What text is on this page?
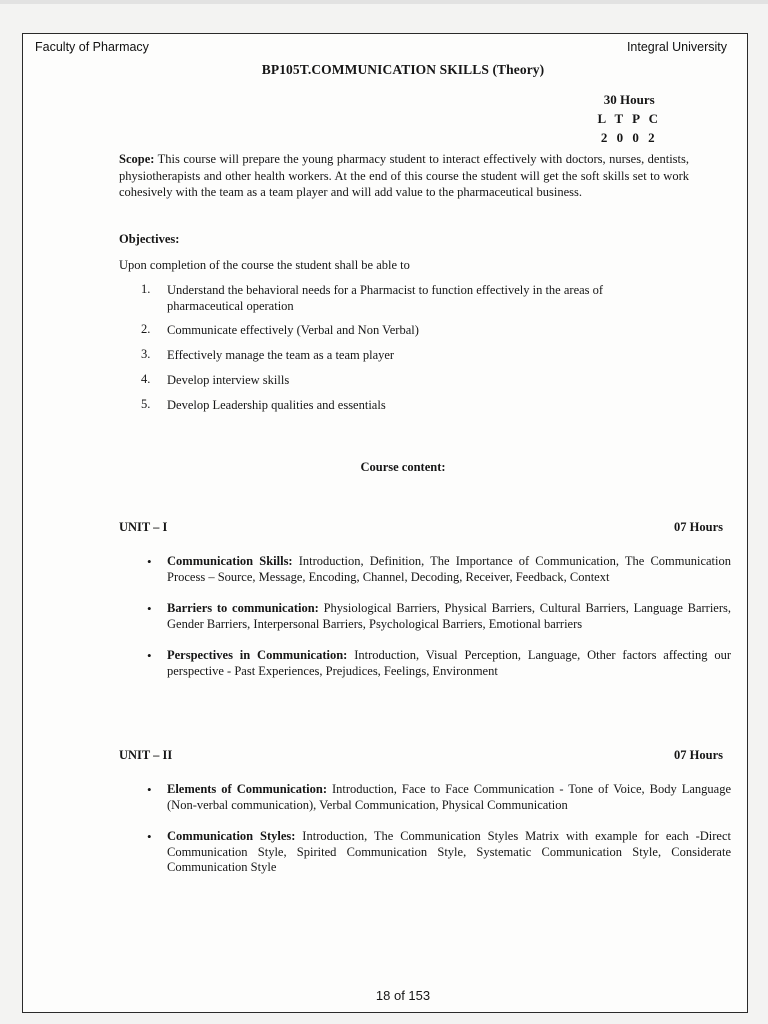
Faculty of Pharmacy	Integral University
BP105T.COMMUNICATION SKILLS (Theory)
30 Hours
L T P C
2 0 0 2
Scope: This course will prepare the young pharmacy student to interact effectively with doctors, nurses, dentists, physiotherapists and other health workers. At the end of this course the student will get the soft skills set to work cohesively with the team as a team player and will add value to the pharmaceutical business.
Objectives:
Upon completion of the course the student shall be able to
1. Understand the behavioral needs for a Pharmacist to function effectively in the areas of pharmaceutical operation
2. Communicate effectively (Verbal and Non Verbal)
3. Effectively manage the team as a team player
4. Develop interview skills
5. Develop Leadership qualities and essentials
Course content:
UNIT – I	07 Hours
• Communication Skills: Introduction, Definition, The Importance of Communication, The Communication Process – Source, Message, Encoding, Channel, Decoding, Receiver, Feedback, Context
• Barriers to communication: Physiological Barriers, Physical Barriers, Cultural Barriers, Language Barriers, Gender Barriers, Interpersonal Barriers, Psychological Barriers, Emotional barriers
• Perspectives in Communication: Introduction, Visual Perception, Language, Other factors affecting our perspective - Past Experiences, Prejudices, Feelings, Environment
UNIT – II	07 Hours
• Elements of Communication: Introduction, Face to Face Communication - Tone of Voice, Body Language (Non-verbal communication), Verbal Communication, Physical Communication
• Communication Styles: Introduction, The Communication Styles Matrix with example for each -Direct Communication Style, Spirited Communication Style, Systematic Communication Style, Considerate Communication Style
18 of 153
